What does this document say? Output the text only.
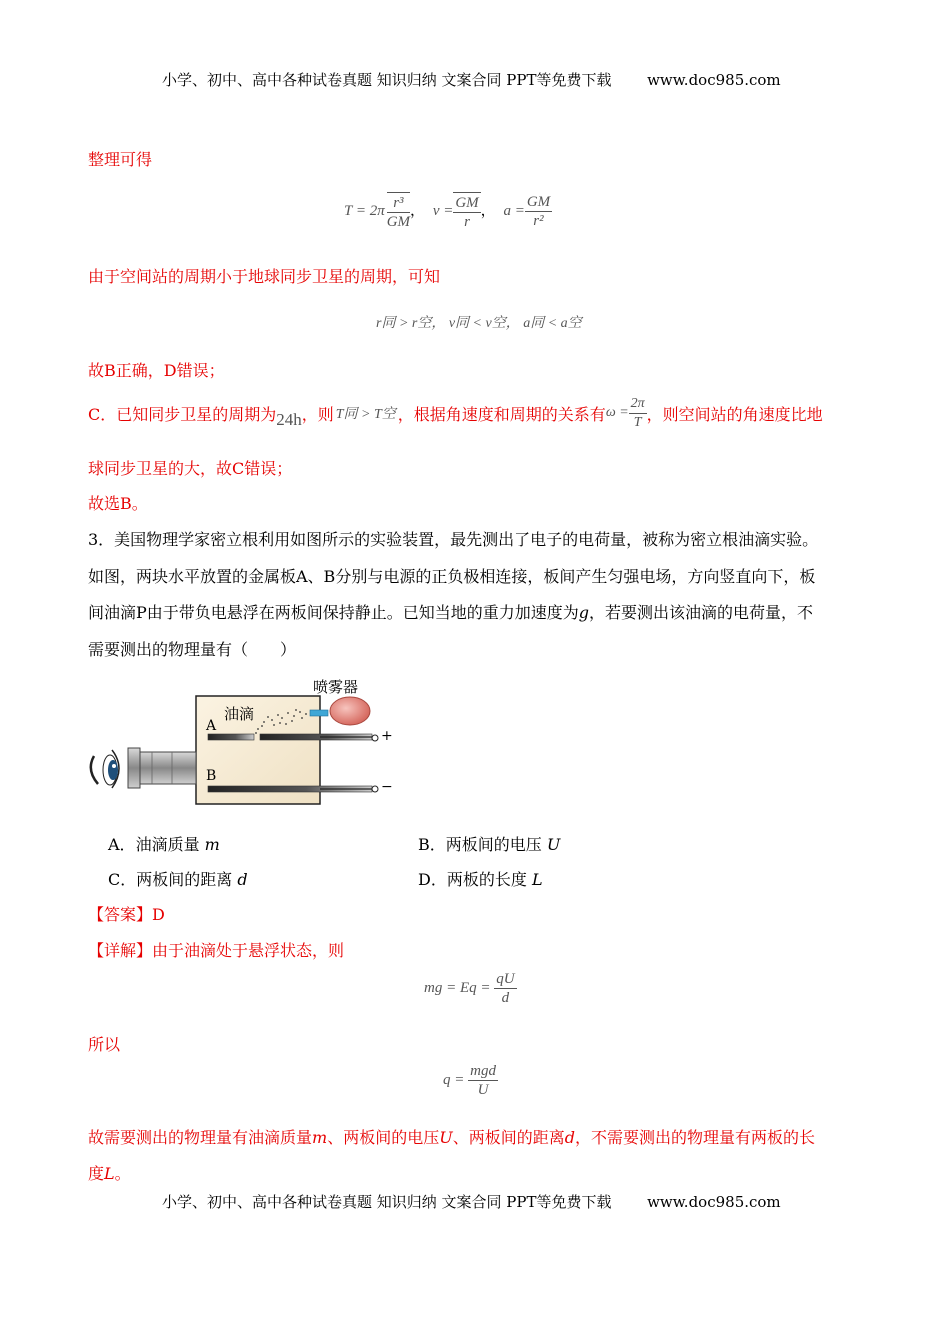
小学、初中、高中各种试卷真题 知识归纳 文案合同 PPT等免费下载 www.doc985.com
整理可得
$T = 2\pi \frac{\text{r³}}{GM}$ ， $v = \frac{GM}{r}$ ， $a = \frac{GM}{\text{r²}}$
由于空间站的周期小于地球同步卫星的周期，可知
r同 > r空， v同 < v空， a同 < a空
故B正确，D错误；
C．已知同步卫星的周期为 24h ，则 T同 > T空 ，根据角速度和周期的关系有 $\omega = \frac{2\pi}{T}$ ，则空间站的角速度比地
球同步卫星的大，故C错误；
故选B。
3．美国物理学家密立根利用如图所示的实验装置，最先测出了电子的电荷量，被称为密立根油滴实验。
如图，两块水平放置的金属板A、B分别与电源的正负极相连接，板间产生匀强电场，方向竖直向下，板
间油滴P由于带负电悬浮在两板间保持静止。已知当地的重力加速度为g，若要测出该油滴的电荷量，不
需要测出的物理量有（　　）
喷雾器
油滴
A
B
+
−
A．油滴质量 m	B．两板间的电压 U
C．两板间的距离 d	D．两板的长度 L
【答案】D
【详解】由于油滴处于悬浮状态，则
mg = $Eq = \frac{qU}{d}$
所以
$q = \frac{\text{mgd}}{U}$
故需要测出的物理量有油滴质量m、两板间的电压U、两板间的距离d，不需要测出的物理量有两板的长
度L。
小学、初中、高中各种试卷真题 知识归纳 文案合同 PPT等免费下载 www.doc985.com
